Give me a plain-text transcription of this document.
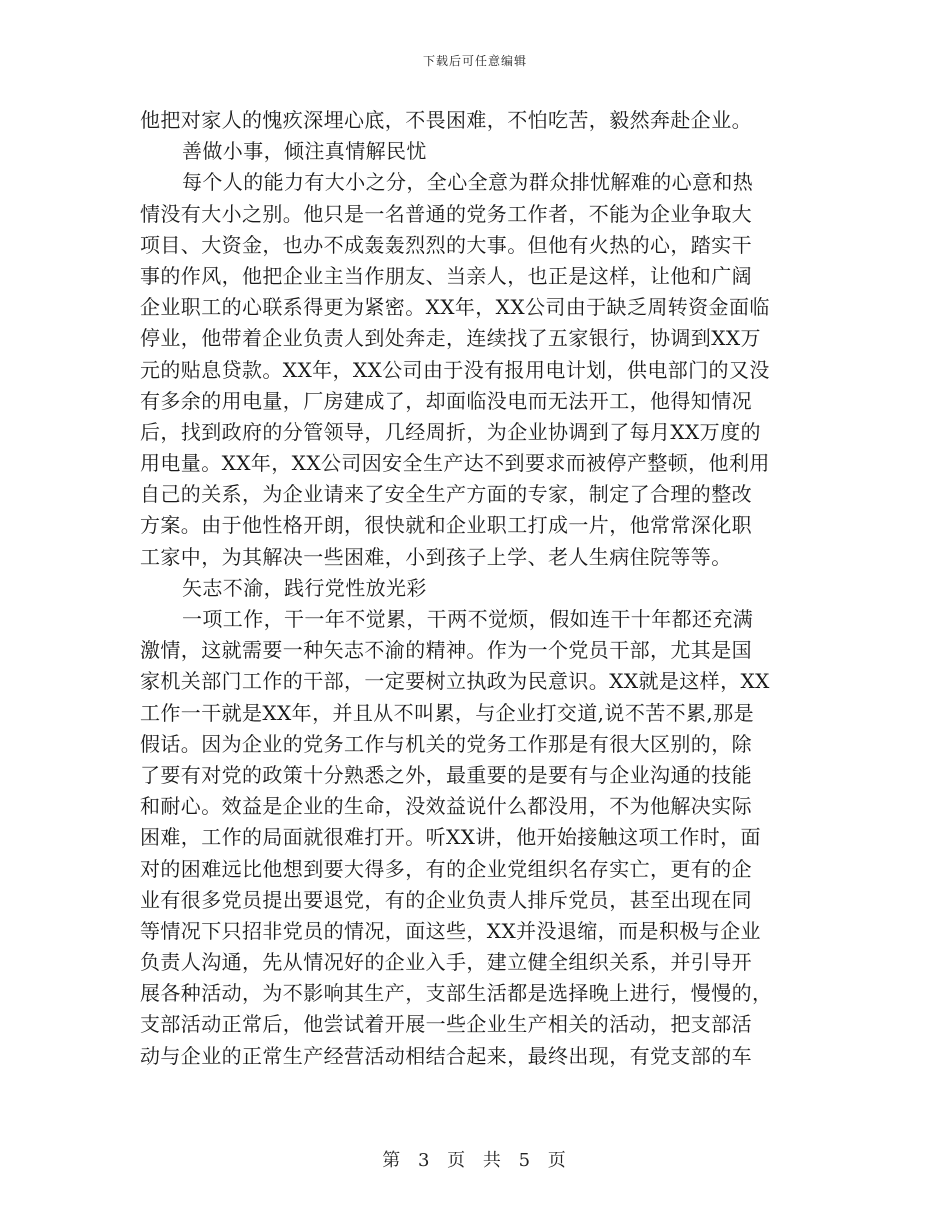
下载后可任意编辑
他把对家人的愧疚深埋心底，不畏困难，不怕吃苦，毅然奔赴企业。
善做小事，倾注真情解民忧
每个人的能力有大小之分，全心全意为群众排忧解难的心意和热
情没有大小之别。他只是一名普通的党务工作者，不能为企业争取大
项目、大资金，也办不成轰轰烈烈的大事。但他有火热的心，踏实干
事的作风，他把企业主当作朋友、当亲人，也正是这样，让他和广阔
企业职工的心联系得更为紧密。XX年，XX公司由于缺乏周转资金面临
停业，他带着企业负责人到处奔走，连续找了五家银行，协调到XX万
元的贴息贷款。XX年，XX公司由于没有报用电计划，供电部门的又没
有多余的用电量，厂房建成了，却面临没电而无法开工，他得知情况
后，找到政府的分管领导，几经周折，为企业协调到了每月XX万度的
用电量。XX年，XX公司因安全生产达不到要求而被停产整顿，他利用
自己的关系，为企业请来了安全生产方面的专家，制定了合理的整改
方案。由于他性格开朗，很快就和企业职工打成一片，他常常深化职
工家中，为其解决一些困难，小到孩子上学、老人生病住院等等。
矢志不渝，践行党性放光彩
一项工作，干一年不觉累，干两不觉烦，假如连干十年都还充满
激情，这就需要一种矢志不渝的精神。作为一个党员干部，尤其是国
家机关部门工作的干部，一定要树立执政为民意识。XX就是这样，XX
工作一干就是XX年，并且从不叫累，与企业打交道,说不苦不累,那是
假话。因为企业的党务工作与机关的党务工作那是有很大区别的，除
了要有对党的政策十分熟悉之外，最重要的是要有与企业沟通的技能
和耐心。效益是企业的生命，没效益说什么都没用，不为他解决实际
困难，工作的局面就很难打开。听XX讲，他开始接触这项工作时，面
对的困难远比他想到要大得多，有的企业党组织名存实亡，更有的企
业有很多党员提出要退党，有的企业负责人排斥党员，甚至出现在同
等情况下只招非党员的情况，面这些，XX并没退缩，而是积极与企业
负责人沟通，先从情况好的企业入手，建立健全组织关系，并引导开
展各种活动，为不影响其生产，支部生活都是选择晚上进行，慢慢的，
支部活动正常后，他尝试着开展一些企业生产相关的活动，把支部活
动与企业的正常生产经营活动相结合起来，最终出现，有党支部的车
第 3 页 共 5 页
